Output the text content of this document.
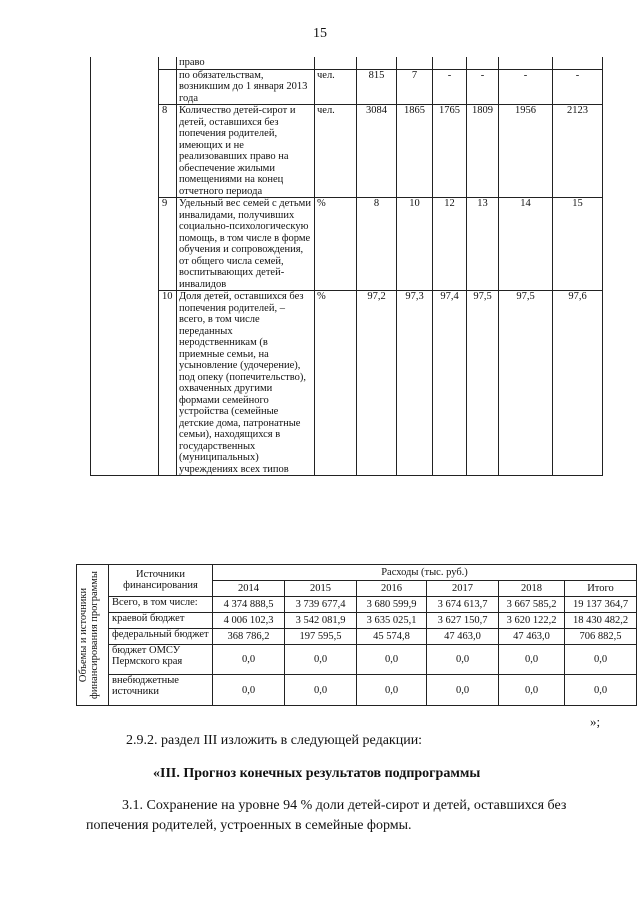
15
		право							
		по обязательствам, возникшим до 1 января 2013 года	чел.	815	7	-	-	-	-
	8	Количество детей-сирот и детей, оставшихся без попечения родителей, имеющих и не реализовавших право на обеспечение жилыми помещениями на конец отчетного периода	чел.	3084	1865	1765	1809	1956	2123
	9	Удельный вес семей с детьми инвалидами, получивших социально-психологическую помощь, в том числе в форме обучения и сопровождения, от общего числа семей, воспитывающих детей-инвалидов	%	8	10	12	13	14	15
	10	Доля детей, оставшихся без попечения родителей, – всего, в том числе переданных неродственникам (в приемные семьи, на усыновление (удочерение), под опеку (попечительство), охваченных другими формами семейного устройства (семейные детские дома, патронатные семьи), находящихся в государственных (муниципальных) учреждениях всех типов	%	97,2	97,3	97,4	97,5	97,5	97,6
Объемы и источники финансирования программы	Источники финансирования	Расходы (тыс. руб.)					
		2014	2015	2016	2017	2018	Итого
	Всего, в том числе:	4 374 888,5	3 739 677,4	3 680 599,9	3 674 613,7	3 667 585,2	19 137 364,7
	краевой бюджет	4 006 102,3	3 542 081,9	3 635 025,1	3 627 150,7	3 620 122,2	18 430 482,2
	федеральный бюджет	368 786,2	197 595,5	45 574,8	47 463,0	47 463,0	706 882,5
	бюджет ОМСУ Пермского края	0,0	0,0	0,0	0,0	0,0	0,0
	внебюджетные источники	0,0	0,0	0,0	0,0	0,0	0,0
»;
2.9.2. раздел III изложить в следующей редакции:
«III. Прогноз конечных результатов подпрограммы
3.1. Сохранение на уровне 94 % доли детей-сирот и детей, оставшихся без попечения родителей, устроенных в семейные формы.
